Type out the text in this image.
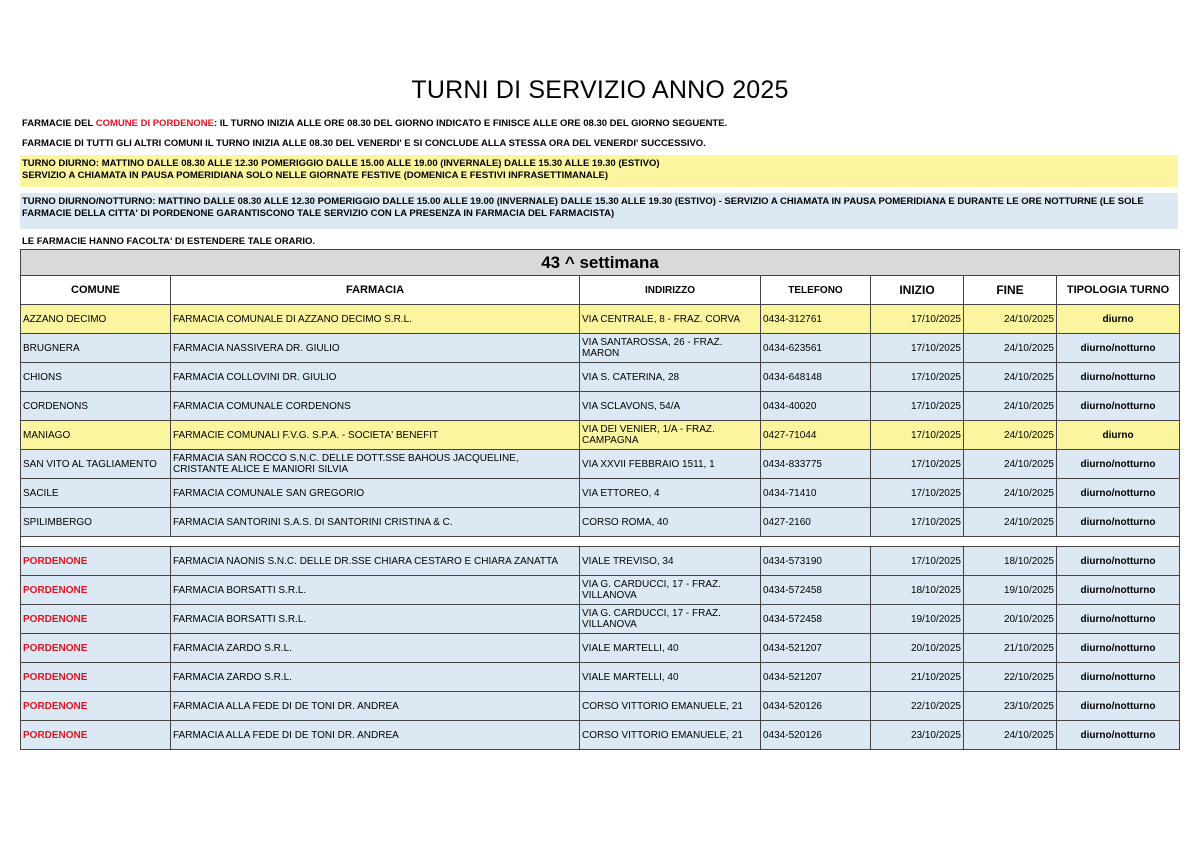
TURNI DI SERVIZIO ANNO 2025
FARMACIE DEL COMUNE DI PORDENONE: IL TURNO INIZIA ALLE ORE 08.30 DEL GIORNO INDICATO E FINISCE ALLE ORE 08.30 DEL GIORNO SEGUENTE.
FARMACIE DI TUTTI GLI ALTRI COMUNI IL TURNO INIZIA ALLE 08.30 DEL VENERDI' E SI CONCLUDE ALLA STESSA ORA DEL VENERDI' SUCCESSIVO.
TURNO DIURNO: MATTINO DALLE 08.30 ALLE 12.30 POMERIGGIO DALLE 15.00 ALLE 19.00 (INVERNALE) DALLE 15.30 ALLE 19.30 (ESTIVO)
SERVIZIO A CHIAMATA IN PAUSA POMERIDIANA SOLO NELLE GIORNATE FESTIVE (DOMENICA E FESTIVI INFRASETTIMANALE)
TURNO DIURNO/NOTTURNO: MATTINO DALLE 08.30 ALLE 12.30 POMERIGGIO DALLE 15.00 ALLE 19.00 (INVERNALE) DALLE 15.30 ALLE 19.30 (ESTIVO) - SERVIZIO A CHIAMATA IN PAUSA POMERIDIANA E DURANTE LE ORE NOTTURNE (LE SOLE FARMACIE DELLA CITTA' DI PORDENONE GARANTISCONO TALE SERVIZIO CON LA PRESENZA IN FARMACIA DEL FARMACISTA)
LE FARMACIE HANNO FACOLTA' DI ESTENDERE TALE ORARIO.
43 ^ settimana						
COMUNE	FARMACIA	INDIRIZZO	TELEFONO	INIZIO	FINE	TIPOLOGIA TURNO
AZZANO DECIMO	FARMACIA COMUNALE DI AZZANO DECIMO S.R.L.	VIA CENTRALE, 8 - FRAZ. CORVA	0434-312761	17/10/2025	24/10/2025	diurno
BRUGNERA	FARMACIA NASSIVERA DR. GIULIO	VIA SANTAROSSA, 26 - FRAZ. MARON	0434-623561	17/10/2025	24/10/2025	diurno/notturno
CHIONS	FARMACIA COLLOVINI DR. GIULIO	VIA S. CATERINA, 28	0434-648148	17/10/2025	24/10/2025	diurno/notturno
CORDENONS	FARMACIA COMUNALE CORDENONS	VIA SCLAVONS, 54/A	0434-40020	17/10/2025	24/10/2025	diurno/notturno
MANIAGO	FARMACIE COMUNALI F.V.G. S.P.A. - SOCIETA' BENEFIT	VIA DEI VENIER, 1/A - FRAZ. CAMPAGNA	0427-71044	17/10/2025	24/10/2025	diurno
SAN VITO AL TAGLIAMENTO	FARMACIA SAN ROCCO S.N.C. DELLE DOTT.SSE BAHOUS JACQUELINE, CRISTANTE ALICE E MANIORI SILVIA	VIA XXVII FEBBRAIO 1511, 1	0434-833775	17/10/2025	24/10/2025	diurno/notturno
SACILE	FARMACIA COMUNALE SAN GREGORIO	VIA ETTOREO, 4	0434-71410	17/10/2025	24/10/2025	diurno/notturno
SPILIMBERGO	FARMACIA SANTORINI S.A.S. DI SANTORINI CRISTINA & C.	CORSO ROMA, 40	0427-2160	17/10/2025	24/10/2025	diurno/notturno

PORDENONE	FARMACIA NAONIS S.N.C. DELLE DR.SSE CHIARA CESTARO E CHIARA ZANATTA	VIALE TREVISO, 34	0434-573190	17/10/2025	18/10/2025	diurno/notturno
PORDENONE	FARMACIA BORSATTI S.R.L.	VIA G. CARDUCCI, 17 - FRAZ. VILLANOVA	0434-572458	18/10/2025	19/10/2025	diurno/notturno
PORDENONE	FARMACIA BORSATTI S.R.L.	VIA G. CARDUCCI, 17 - FRAZ. VILLANOVA	0434-572458	19/10/2025	20/10/2025	diurno/notturno
PORDENONE	FARMACIA ZARDO S.R.L.	VIALE MARTELLI, 40	0434-521207	20/10/2025	21/10/2025	diurno/notturno
PORDENONE	FARMACIA ZARDO S.R.L.	VIALE MARTELLI, 40	0434-521207	21/10/2025	22/10/2025	diurno/notturno
PORDENONE	FARMACIA ALLA FEDE DI DE TONI DR. ANDREA	CORSO VITTORIO EMANUELE, 21	0434-520126	22/10/2025	23/10/2025	diurno/notturno
PORDENONE	FARMACIA ALLA FEDE DI DE TONI DR. ANDREA	CORSO VITTORIO EMANUELE, 21	0434-520126	23/10/2025	24/10/2025	diurno/notturno
